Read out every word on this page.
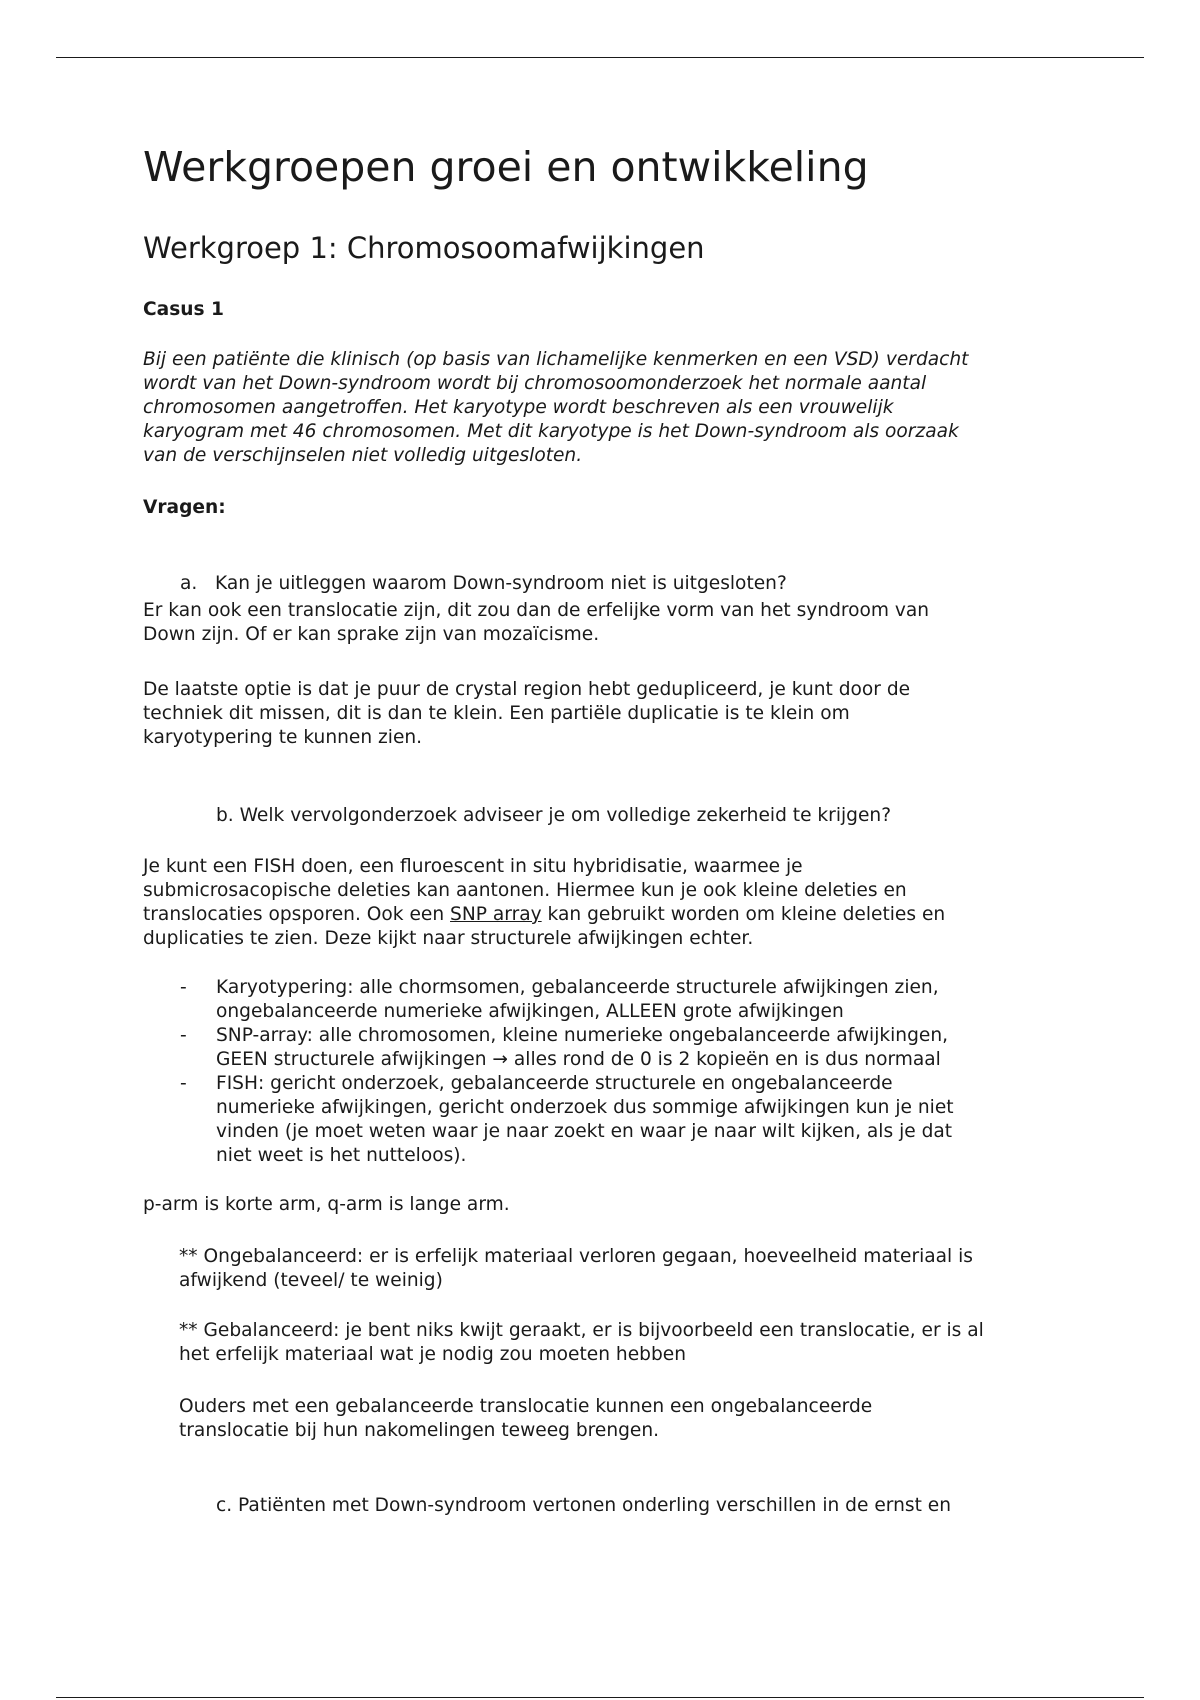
Werkgroepen groei en ontwikkeling
Werkgroep 1: Chromosoomafwijkingen
Casus 1
Bij een patiënte die klinisch (op basis van lichamelijke kenmerken en een VSD) verdacht
wordt van het Down-syndroom wordt bij chromosoomonderzoek het normale aantal
chromosomen aangetroffen. Het karyotype wordt beschreven als een vrouwelijk
karyogram met 46 chromosomen. Met dit karyotype is het Down-syndroom als oorzaak
van de verschijnselen niet volledig uitgesloten.
Vragen:

a. Kan je uitleggen waarom Down-syndroom niet is uitgesloten?

Er kan ook een translocatie zijn, dit zou dan de erfelijke vorm van het syndroom van
Down zijn. Of er kan sprake zijn van mozaïcisme.
De laatste optie is dat je puur de crystal region hebt gedupliceerd, je kunt door de
techniek dit missen, dit is dan te klein. Een partiële duplicatie is te klein om
karyotypering te kunnen zien.
b. Welk vervolgonderzoek adviseer je om volledige zekerheid te krijgen?
Je kunt een FISH doen, een fluroescent in situ hybridisatie, waarmee je
submicrosacopische deleties kan aantonen. Hiermee kun je ook kleine deleties en
translocaties opsporen. Ook een SNP array kan gebruikt worden om kleine deleties en
duplicaties te zien. Deze kijkt naar structurele afwijkingen echter.
- Karyotypering: alle chormsomen, gebalanceerde structurele afwijkingen zien,
ongebalanceerde numerieke afwijkingen, ALLEEN grote afwijkingen
- SNP-array: alle chromosomen, kleine numerieke ongebalanceerde afwijkingen,
GEEN structurele afwijkingen → alles rond de 0 is 2 kopieën en is dus normaal
- FISH: gericht onderzoek, gebalanceerde structurele en ongebalanceerde
numerieke afwijkingen, gericht onderzoek dus sommige afwijkingen kun je niet
vinden (je moet weten waar je naar zoekt en waar je naar wilt kijken, als je dat
niet weet is het nutteloos).
p-arm is korte arm, q-arm is lange arm.
** Ongebalanceerd: er is erfelijk materiaal verloren gegaan, hoeveelheid materiaal is
afwijkend (teveel/ te weinig)
** Gebalanceerd: je bent niks kwijt geraakt, er is bijvoorbeeld een translocatie, er is al
het erfelijk materiaal wat je nodig zou moeten hebben
Ouders met een gebalanceerde translocatie kunnen een ongebalanceerde
translocatie bij hun nakomelingen teweeg brengen.
c. Patiënten met Down-syndroom vertonen onderling verschillen in de ernst en
